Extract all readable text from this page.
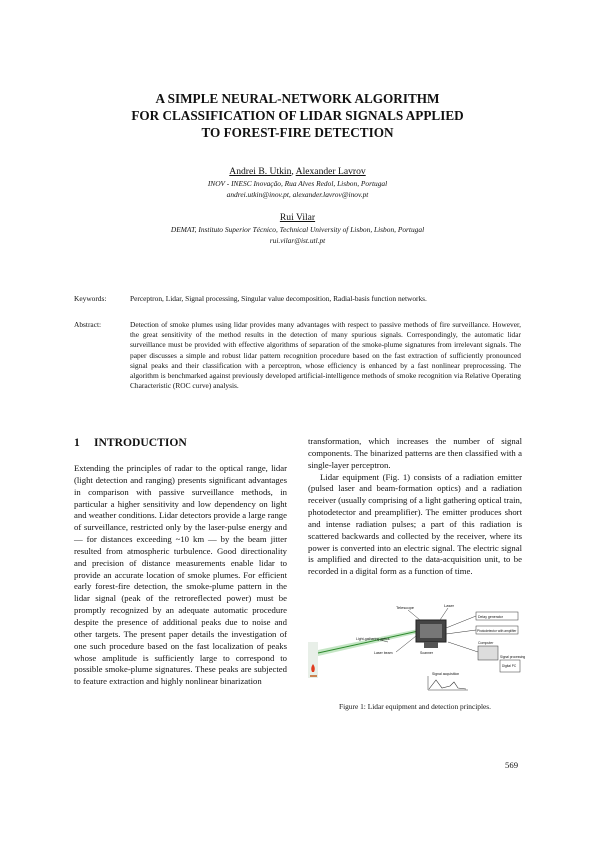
A SIMPLE NEURAL-NETWORK ALGORITHM
FOR CLASSIFICATION OF LIDAR SIGNALS APPLIED
TO FOREST-FIRE DETECTION
Andrei B. Utkin, Alexander Lavrov
INOV - INESC Inovação, Rua Alves Redol, Lisbon, Portugal
andrei.utkin@inov.pt, alexander.lavrov@inov.pt
Rui Vilar
DEMAT, Instituto Superior Técnico, Technical University of Lisbon, Lisbon, Portugal
rui.vilar@ist.utl.pt
Keywords:	Perceptron, Lidar, Signal processing, Singular value decomposition, Radial-basis function networks.
Abstract:	Detection of smoke plumes using lidar provides many advantages with respect to passive methods of fire surveillance. However, the great sensitivity of the method results in the detection of many spurious signals. Correspondingly, the automatic lidar surveillance must be provided with effective algorithms of separation of the smoke-plume signatures from irrelevant signals. The paper discusses a simple and robust lidar pattern recognition procedure based on the fast extraction of sufficiently pronounced signal peaks and their classification with a perceptron, whose efficiency is enhanced by a fast nonlinear preprocessing. The algorithm is benchmarked against previously developed artificial-intelligence methods of smoke recognition via Relative Operating Characteristic (ROC curve) analysis.
1 INTRODUCTION

Extending the principles of radar to the optical range, lidar (light detection and ranging) presents significant advantages in comparison with passive surveillance methods, in particular a higher sensitivity and low dependency on light and weather conditions. Lidar detectors provide a large range of surveillance, restricted only by the laser-pulse energy and — for distances exceeding ~10 km — by the beam jitter resulted from atmospheric turbulence. Good directionality and precision of distance measurements enable lidar to provide an accurate location of smoke plumes. For efficient early forest-fire detection, the smoke-plume pattern in the lidar signal (peak of the retroreflected power) must be promptly recognized by an adequate automatic procedure despite the presence of additional peaks due to noise and other targets. The present paper details the investigation of one such procedure based on the fast localization of peaks whose amplitude is sufficiently large to correspond to possible smoke-plume signatures. These peaks are subjected to feature extraction and highly nonlinear binarization

transformation, which increases the number of signal components. The binarized patterns are then classified with a single-layer perceptron.

Lidar equipment (Fig. 1) consists of a radiation emitter (pulsed laser and beam-formation optics) and a radiation receiver (usually comprising of a light gathering optical train, photodetector and preamplifier). The emitter produces short and intense radiation pulses; a part of this radiation is scattered backwards and collected by the receiver, where its power is converted into an electric signal. The electric signal is amplified and directed to the data-acquisition unit, to be recorded in a digital form as a function of time.

Telescope	Laser
Delay generator
Photodetector with amplifier
Light-gathering optics
Laser beam	Scanner
Computer
Signal processing
Digital PC
Signal acquisition
Figure 1: Lidar equipment and detection principles.
569
